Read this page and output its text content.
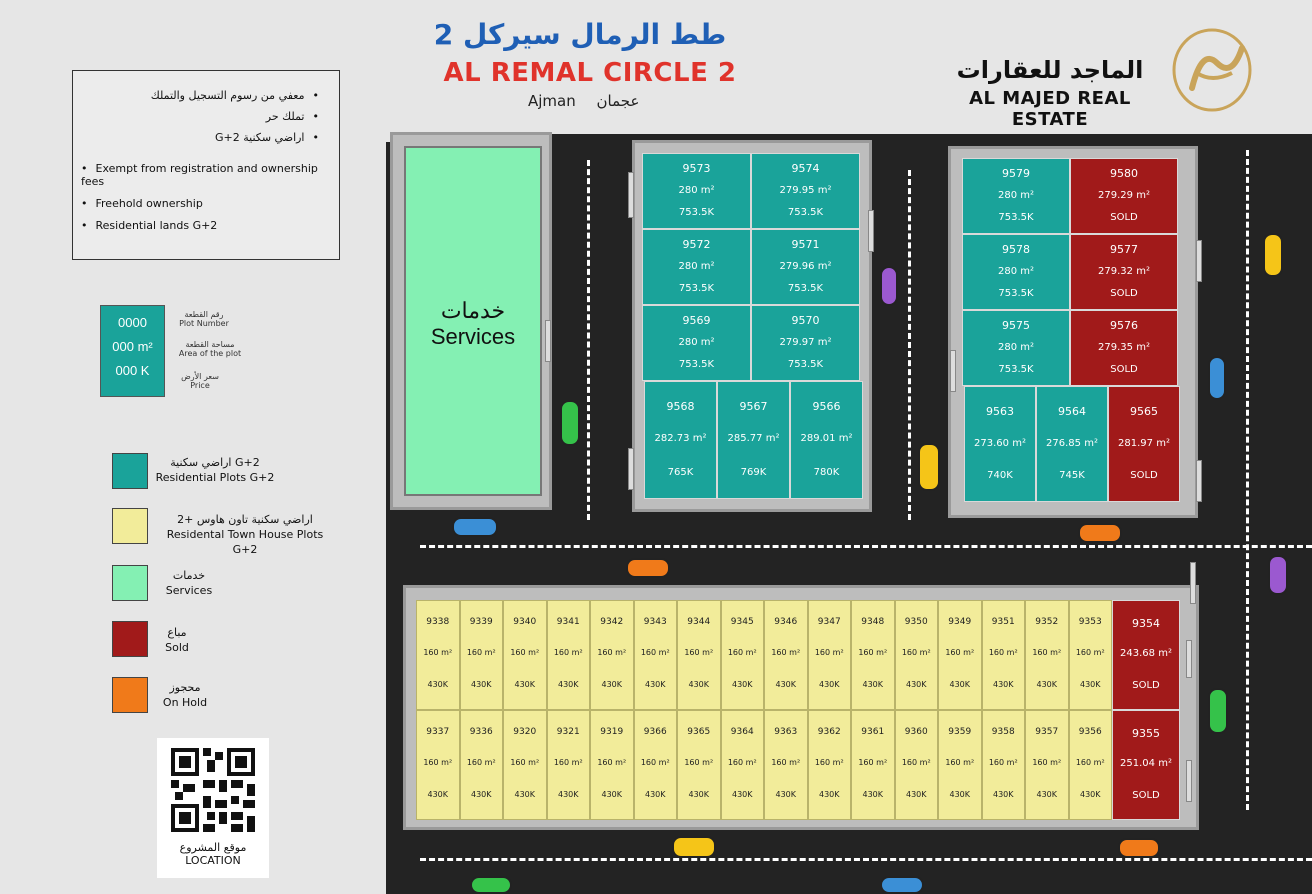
خدمات
Services
9573
280 m²
753.5K
9574
279.95 m²
753.5K
9572
280 m²
753.5K
9571
279.96 m²
753.5K
9569
280 m²
753.5K
9570
279.97 m²
753.5K
9568
282.73 m²
765K
9567
285.77 m²
769K
9566
289.01 m²
780K
9579
280 m²
753.5K
9580
279.29 m²
SOLD
9578
280 m²
753.5K
9577
279.32 m²
SOLD
9575
280 m²
753.5K
9576
279.35 m²
SOLD
9563
273.60 m²
740K
9564
276.85 m²
745K
9565
281.97 m²
SOLD
9338
160 m²
430K
9337
160 m²
430K
9339
160 m²
430K
9336
160 m²
430K
9340
160 m²
430K
9320
160 m²
430K
9341
160 m²
430K
9321
160 m²
430K
9342
160 m²
430K
9319
160 m²
430K
9343
160 m²
430K
9366
160 m²
430K
9344
160 m²
430K
9365
160 m²
430K
9345
160 m²
430K
9364
160 m²
430K
9346
160 m²
430K
9363
160 m²
430K
9347
160 m²
430K
9362
160 m²
430K
9348
160 m²
430K
9361
160 m²
430K
9350
160 m²
430K
9360
160 m²
430K
9349
160 m²
430K
9359
160 m²
430K
9351
160 m²
430K
9358
160 m²
430K
9352
160 m²
430K
9357
160 m²
430K
9353
160 m²
430K
9356
160 m²
430K
9354
243.68 m²
SOLD
9355
251.04 m²
SOLD
طط الرمال سيركل 2
AL REMAL CIRCLE 2
Ajman عجمان
الماجد للعقارات
AL MAJED REAL ESTATE
• معفي من رسوم التسجيل والتملك
• تملك حر
• اراضي سكنية G+2
• Exempt from registration and ownership fees
• Freehold ownership
• Residential lands G+2
0000
000 m²
000 K
رقم القطعة
Plot Number
مساحة القطعة
Area of the plot
سعر الأرض
Price
اراضي سكنية G+2
Residential Plots G+2
اراضي سكنية تاون هاوس +2
Residental Town House Plots G+2
خدمات
Services
مباع
Sold
محجوز
On Hold
موقع المشروع
LOCATION
